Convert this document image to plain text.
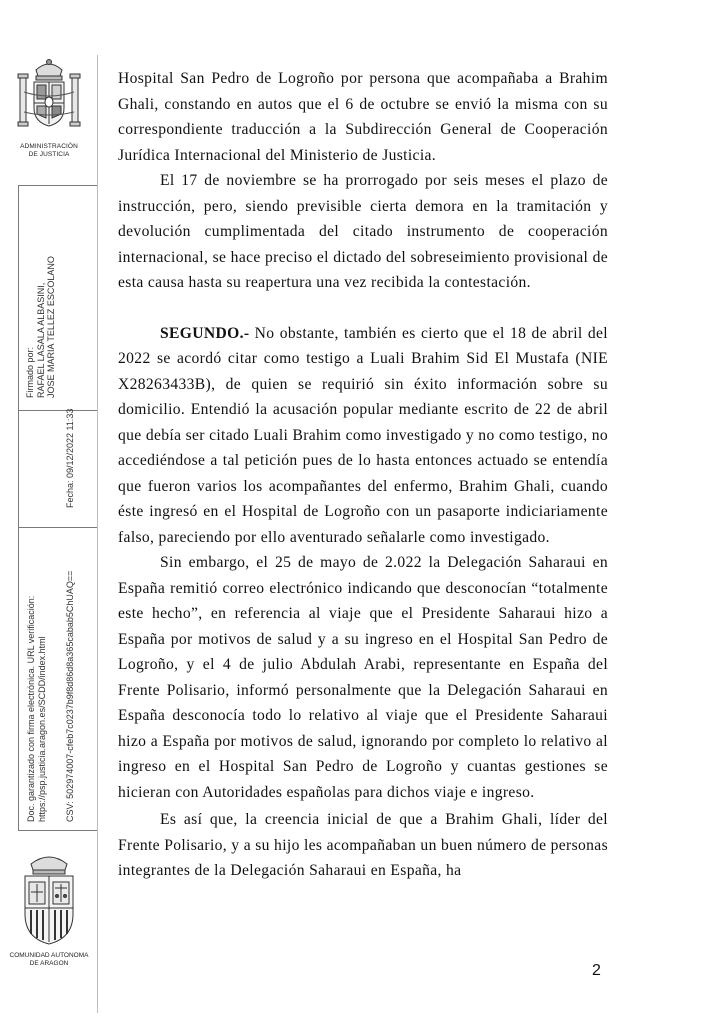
ADMINISTRACIÓN
DE JUSTICIA
Firmado por: RAFAEL LASALA ALBASINI, JOSE MARIA TELLEZ ESCOLANO
Fecha: 09/12/2022 11:33
Doc. garantizado con firma electrónica. URL verificación: https://psp.justicia.aragon.es/SCDD/index.html CSV: 502974007-cfeb7c0237b9f8d86d8a365cabab5ChUAQ==
COMUNIDAD AUTONOMA
DE ARAGON

Hospital San Pedro de Logroño por persona que acompañaba a Brahim Ghali, constando en autos que el 6 de octubre se envió la misma con su correspondiente traducción a la Subdirección General de Cooperación Jurídica Internacional del Ministerio de Justicia.

El 17 de noviembre se ha prorrogado por seis meses el plazo de instrucción, pero, siendo previsible cierta demora en la tramitación y devolución cumplimentada del citado instrumento de cooperación internacional, se hace preciso el dictado del sobreseimiento provisional de esta causa hasta su reapertura una vez recibida la contestación.

SEGUNDO.- No obstante, también es cierto que el 18 de abril del 2022 se acordó citar como testigo a Luali Brahim Sid El Mustafa (NIE X28263433B), de quien se requirió sin éxito información sobre su domicilio. Entendió la acusación popular mediante escrito de 22 de abril que debía ser citado Luali Brahim como investigado y no como testigo, no accediéndose a tal petición pues de lo hasta entonces actuado se entendía que fueron varios los acompañantes del enfermo, Brahim Ghali, cuando éste ingresó en el Hospital de Logroño con un pasaporte indiciariamente falso, pareciendo por ello aventurado señalarle como investigado.

Sin embargo, el 25 de mayo de 2.022 la Delegación Saharaui en España remitió correo electrónico indicando que desconocían “totalmente este hecho”, en referencia al viaje que el Presidente Saharaui hizo a España por motivos de salud y a su ingreso en el Hospital San Pedro de Logroño, y el 4 de julio Abdulah Arabi, representante en España del Frente Polisario, informó personalmente que la Delegación Saharaui en España desconocía todo lo relativo al viaje que el Presidente Saharaui hizo a España por motivos de salud, ignorando por completo lo relativo al ingreso en el Hospital San Pedro de Logroño y cuantas gestiones se hicieran con Autoridades españolas para dichos viaje e ingreso.

Es así que, la creencia inicial de que a Brahim Ghali, líder del Frente Polisario, y a su hijo les acompañaban un buen número de personas integrantes de la Delegación Saharaui en España, ha

2
